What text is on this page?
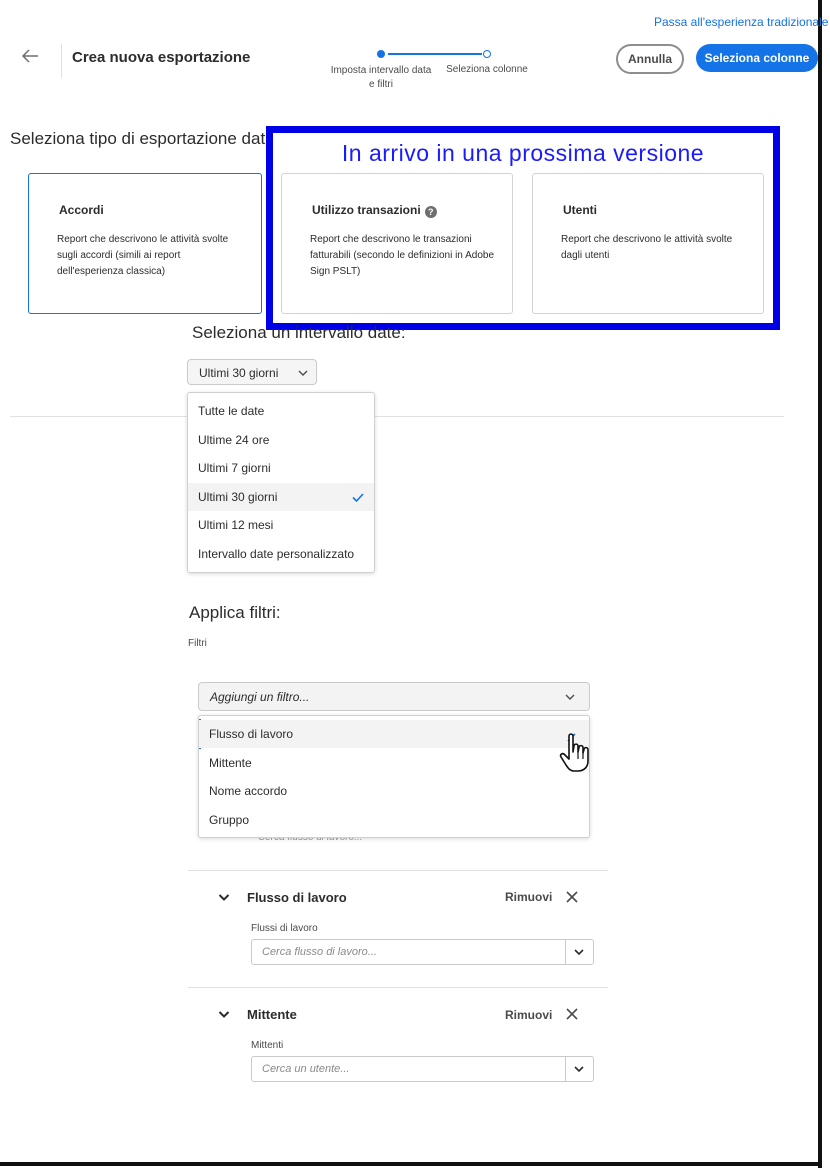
Passa all'esperienza tradizionale
Crea nuova esportazione
Imposta intervallo data e filtri
Seleziona colonne
Annulla	Seleziona colonne
Seleziona tipo di esportazione dati:
Accordi
Report che descrivono le attività svolte sugli accordi (simili ai report dell'esperienza classica)
Utilizzo transazioni ?
Report che descrivono le transazioni fatturabili (secondo le definizioni in Adobe Sign PSLT)
Utenti
Report che descrivono le attività svolte dagli utenti
In arrivo in una prossima versione
Seleziona un intervallo date:
Ultimi 30 giorni
Tutte le date
Ultime 24 ore
Ultimi 7 giorni
Ultimi 30 giorni
Ultimi 12 mesi
Intervallo date personalizzato
Applica filtri:
Filtri
Aggiungi un filtro...
Flusso di lavoro
Mittente
Nome accordo
Gruppo
Flusso di lavoro	Rimuovi
Flussi di lavoro
Cerca flusso di lavoro...
Mittente	Rimuovi
Mittenti
Cerca un utente...
